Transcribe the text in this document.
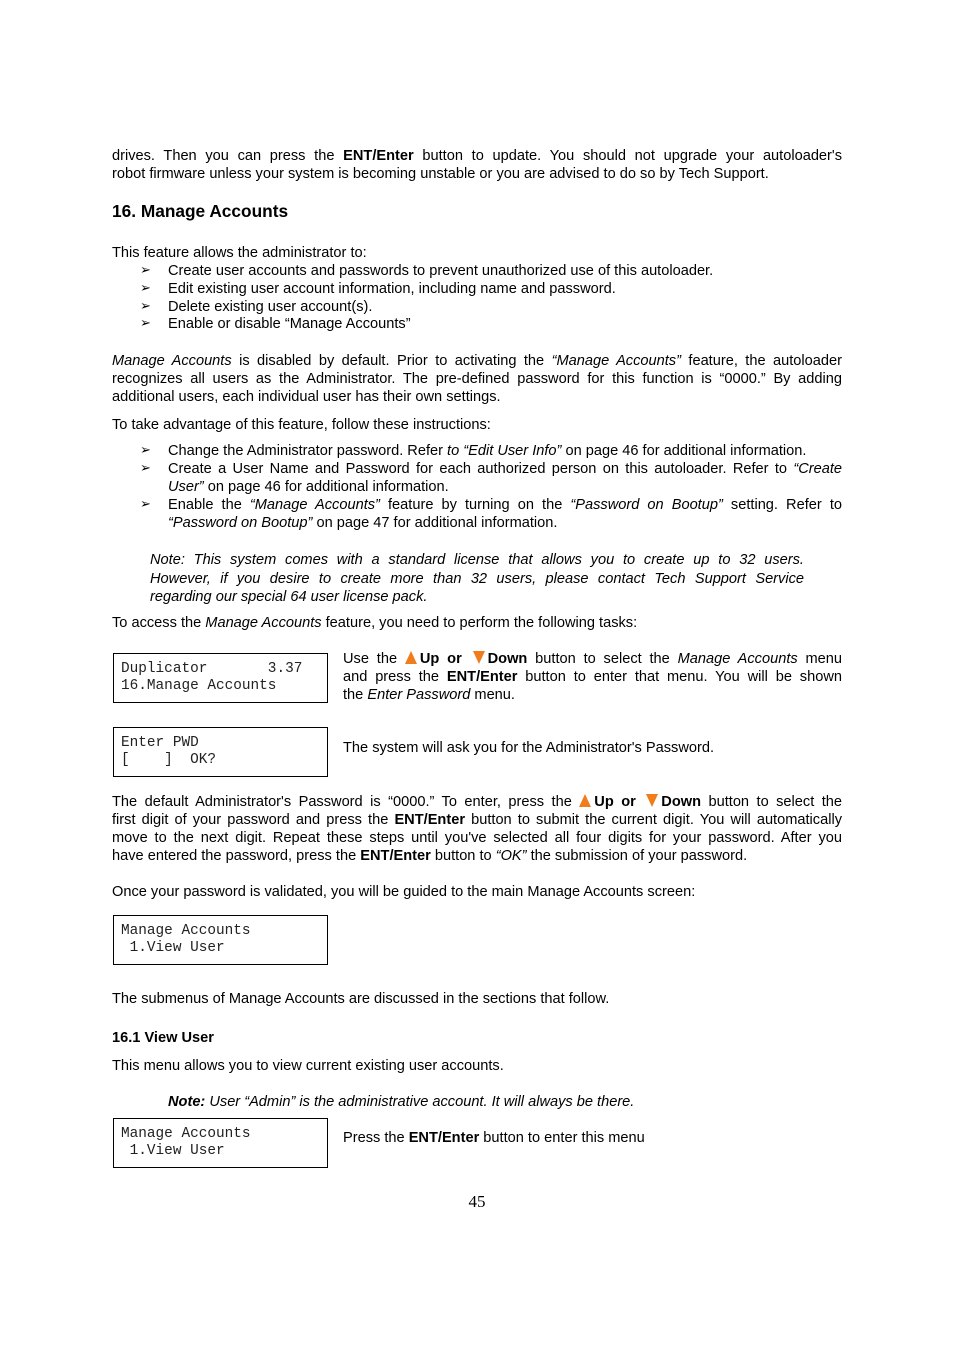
drives. Then you can press the ENT/Enter button to update. You should not upgrade your autoloader's
robot firmware unless your system is becoming unstable or you are advised to do so by Tech Support.
16. Manage Accounts
This feature allows the administrator to:
➢	Create user accounts and passwords to prevent unauthorized use of this autoloader.
➢	Edit existing user account information, including name and password.
➢	Delete existing user account(s).
➢	Enable or disable “Manage Accounts”
Manage Accounts is disabled by default. Prior to activating the “Manage Accounts” feature, the autoloader
recognizes all users as the Administrator. The pre-defined password for this function is “0000.” By adding
additional users, each individual user has their own settings.
To take advantage of this feature, follow these instructions:
➢	Change the Administrator password. Refer to “Edit User Info” on page 46 for additional information.
➢	Create a User Name and Password for each authorized person on this autoloader. Refer to “Create
User” on page 46 for additional information.
➢	Enable the “Manage Accounts” feature by turning on the “Password on Bootup” setting. Refer to
“Password on Bootup” on page 47 for additional information.
Note: This system comes with a standard license that allows you to create up to 32 users.
However, if you desire to create more than 32 users, please contact Tech Support Service
regarding our special 64 user license pack.
To access the Manage Accounts feature, you need to perform the following tasks:
Duplicator       3.37
16.Manage Accounts
Use the Up or Down button to select the Manage Accounts menu
and press the ENT/Enter button to enter that menu. You will be shown
the Enter Password menu.
Enter PWD
[    ]  OK?
The system will ask you for the Administrator's Password.
The default Administrator's Password is “0000.” To enter, press the Up or Down button to select the
first digit of your password and press the ENT/Enter button to submit the current digit. You will automatically
move to the next digit. Repeat these steps until you've selected all four digits for your password. After you
have entered the password, press the ENT/Enter button to “OK” the submission of your password.
Once your password is validated, you will be guided to the main Manage Accounts screen:
Manage Accounts
1.View User
The submenus of Manage Accounts are discussed in the sections that follow.
16.1 View User
This menu allows you to view current existing user accounts.
Note: User “Admin” is the administrative account. It will always be there.
Manage Accounts
1.View User
Press the ENT/Enter button to enter this menu
45
